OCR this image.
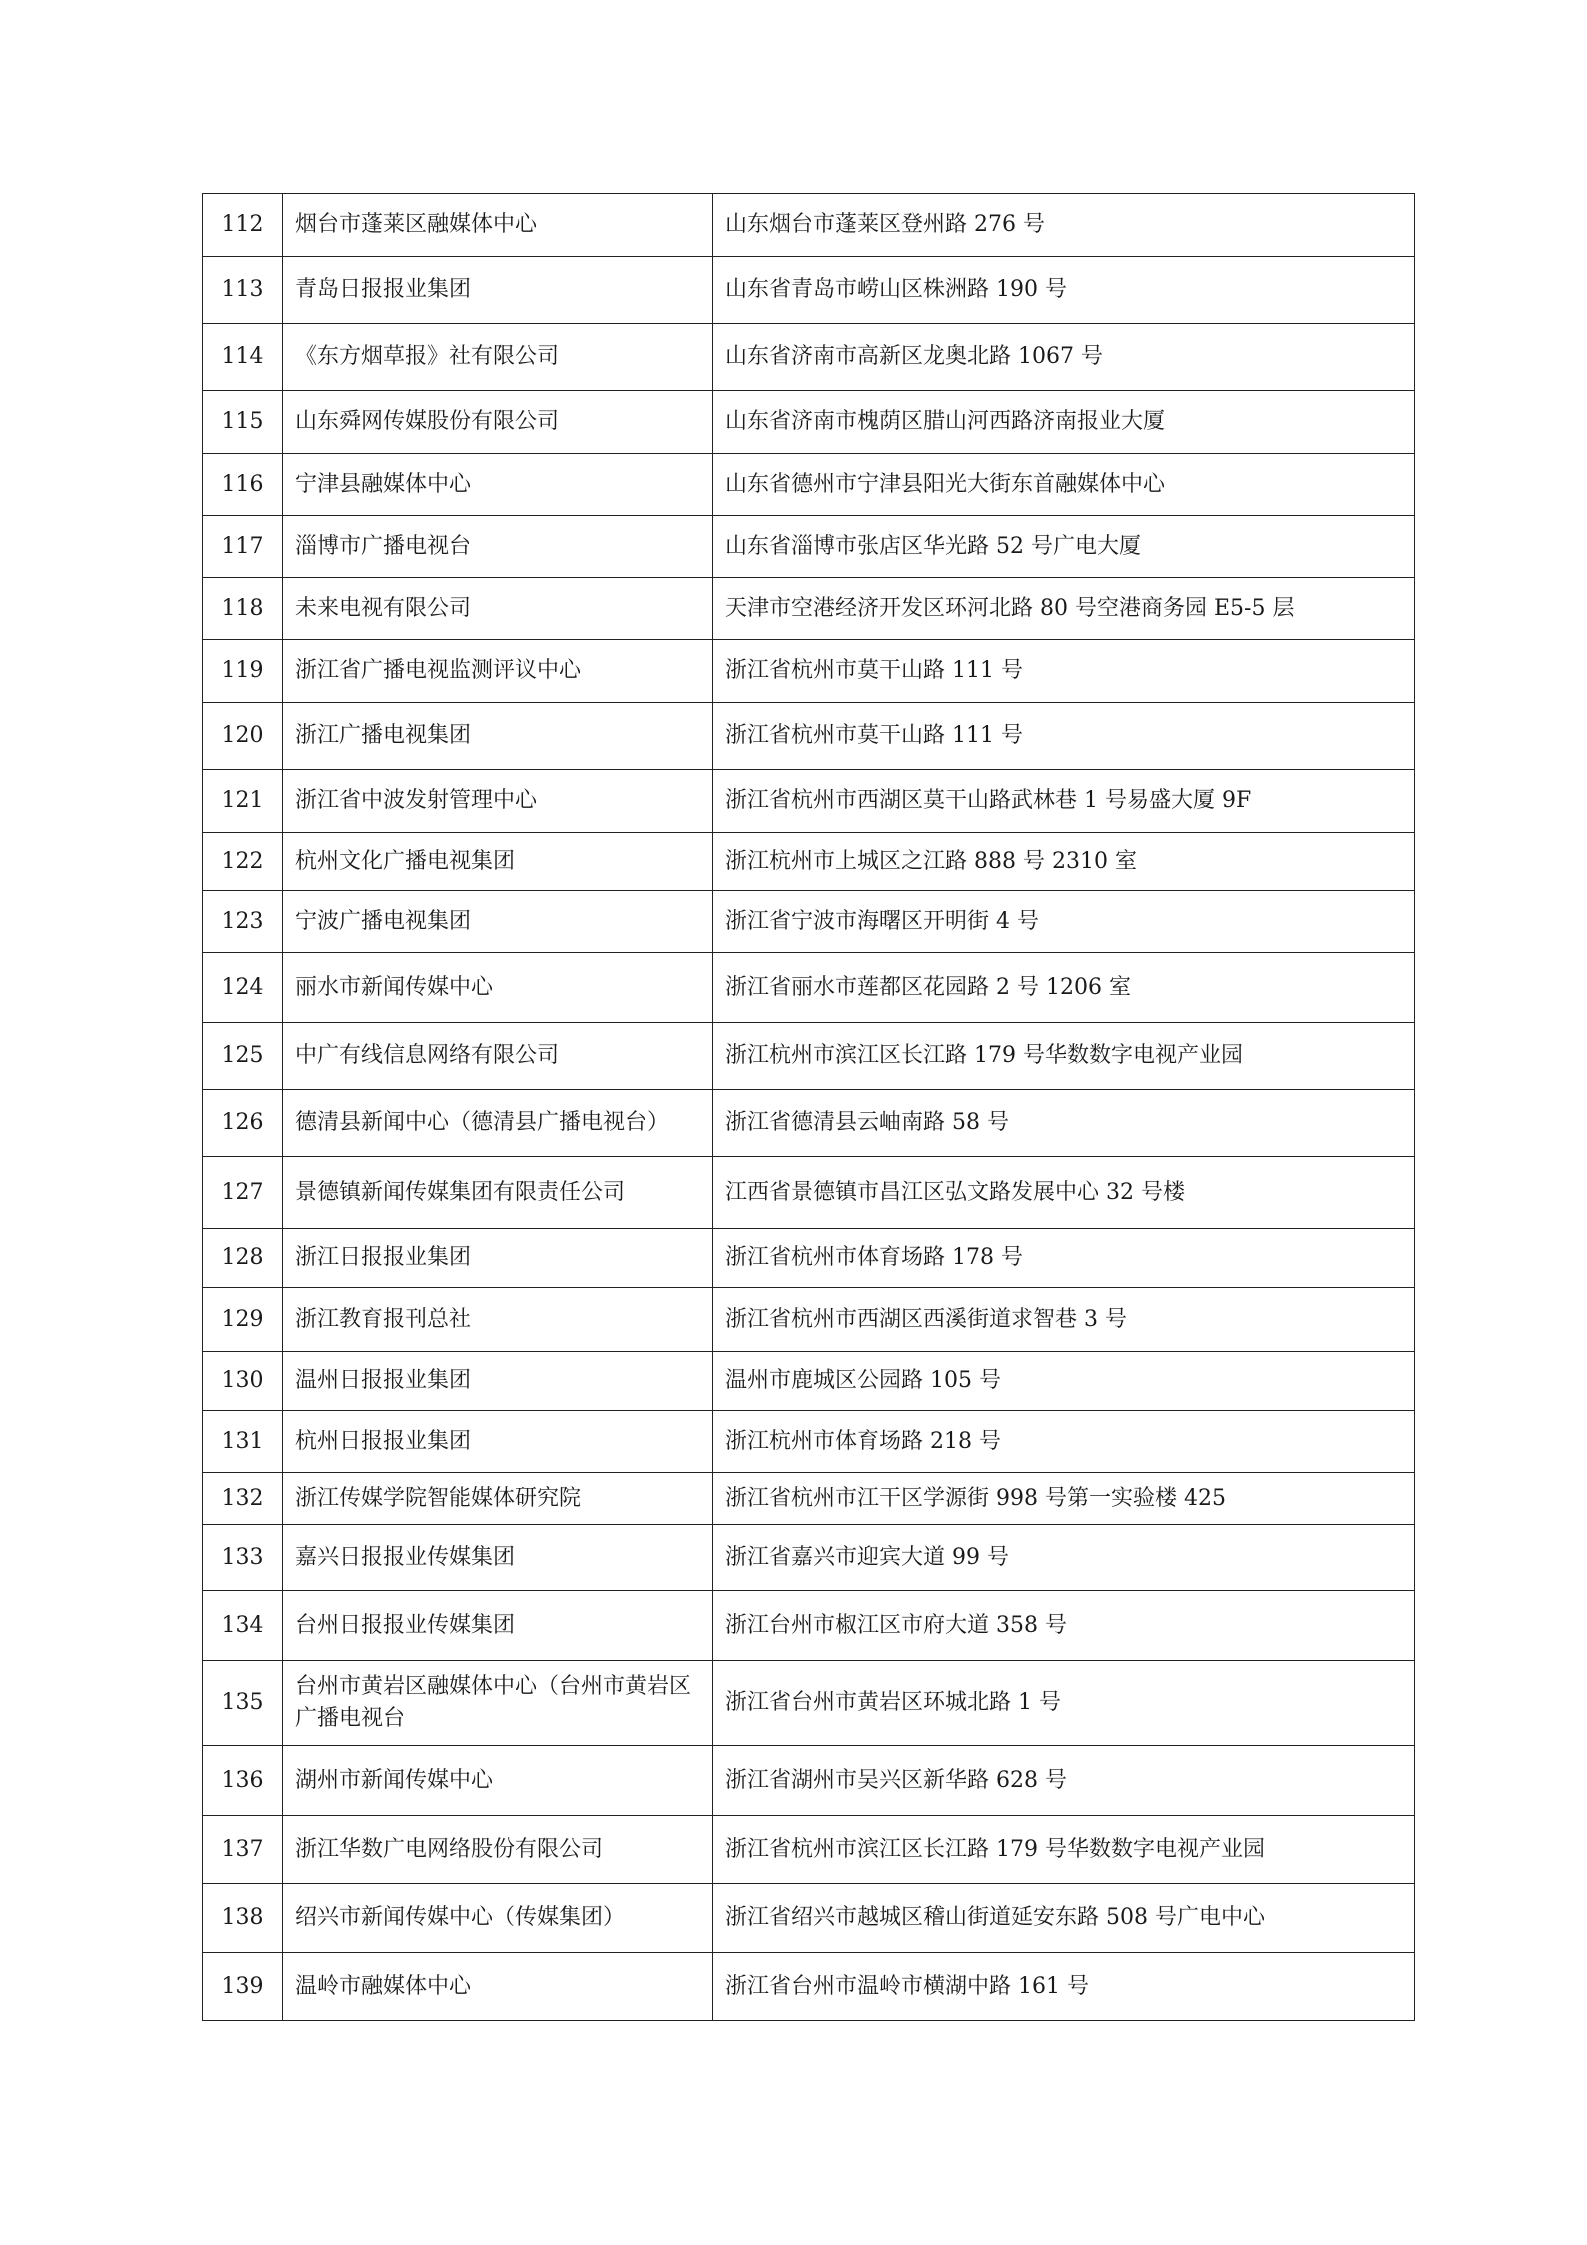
112	烟台市蓬莱区融媒体中心	山东烟台市蓬莱区登州路 276 号
113	青岛日报报业集团	山东省青岛市崂山区株洲路 190 号
114	《东方烟草报》社有限公司	山东省济南市高新区龙奥北路 1067 号
115	山东舜网传媒股份有限公司	山东省济南市槐荫区腊山河西路济南报业大厦
116	宁津县融媒体中心	山东省德州市宁津县阳光大街东首融媒体中心
117	淄博市广播电视台	山东省淄博市张店区华光路 52 号广电大厦
118	未来电视有限公司	天津市空港经济开发区环河北路 80 号空港商务园 E5-5 层
119	浙江省广播电视监测评议中心	浙江省杭州市莫干山路 111 号
120	浙江广播电视集团	浙江省杭州市莫干山路 111 号
121	浙江省中波发射管理中心	浙江省杭州市西湖区莫干山路武林巷 1 号易盛大厦 9F
122	杭州文化广播电视集团	浙江杭州市上城区之江路 888 号 2310 室
123	宁波广播电视集团	浙江省宁波市海曙区开明街 4 号
124	丽水市新闻传媒中心	浙江省丽水市莲都区花园路 2 号 1206 室
125	中广有线信息网络有限公司	浙江杭州市滨江区长江路 179 号华数数字电视产业园
126	德清县新闻中心（德清县广播电视台）	浙江省德清县云岫南路 58 号
127	景德镇新闻传媒集团有限责任公司	江西省景德镇市昌江区弘文路发展中心 32 号楼
128	浙江日报报业集团	浙江省杭州市体育场路 178 号
129	浙江教育报刊总社	浙江省杭州市西湖区西溪街道求智巷 3 号
130	温州日报报业集团	温州市鹿城区公园路 105 号
131	杭州日报报业集团	浙江杭州市体育场路 218 号
132	浙江传媒学院智能媒体研究院	浙江省杭州市江干区学源街 998 号第一实验楼 425
133	嘉兴日报报业传媒集团	浙江省嘉兴市迎宾大道 99 号
134	台州日报报业传媒集团	浙江台州市椒江区市府大道 358 号
135	台州市黄岩区融媒体中心（台州市黄岩区广播电视台	浙江省台州市黄岩区环城北路 1 号
136	湖州市新闻传媒中心	浙江省湖州市吴兴区新华路 628 号
137	浙江华数广电网络股份有限公司	浙江省杭州市滨江区长江路 179 号华数数字电视产业园
138	绍兴市新闻传媒中心（传媒集团）	浙江省绍兴市越城区稽山街道延安东路 508 号广电中心
139	温岭市融媒体中心	浙江省台州市温岭市横湖中路 161 号
